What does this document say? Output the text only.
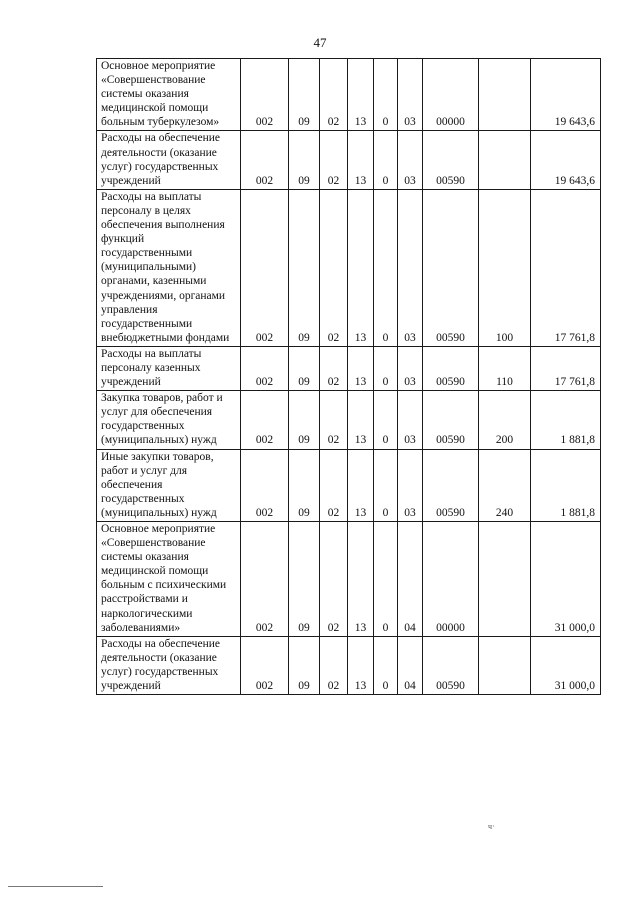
47
Основное мероприятие «Совершенствование системы оказания медицинской помощи больным туберкулезом»	002	09	02	13	0	03	00000		19 643,6
Расходы на обеспечение деятельности (оказание услуг) государственных учреждений	002	09	02	13	0	03	00590		19 643,6
Расходы на выплаты персоналу в целях обеспечения выполнения функций государственными (муниципальными) органами, казенными учреждениями, органами управления государственными внебюджетными фондами	002	09	02	13	0	03	00590	100	17 761,8
Расходы на выплаты персоналу казенных учреждений	002	09	02	13	0	03	00590	110	17 761,8
Закупка товаров, работ и услуг для обеспечения государственных (муниципальных) нужд	002	09	02	13	0	03	00590	200	1 881,8
Иные закупки товаров, работ и услуг для обеспечения государственных (муниципальных) нужд	002	09	02	13	0	03	00590	240	1 881,8
Основное мероприятие «Совершенствование системы оказания медицинской помощи больным с психическими расстройствами и наркологическими заболеваниями»	002	09	02	13	0	04	00000		31 000,0
Расходы на обеспечение деятельности (оказание услуг) государственных учреждений	002	09	02	13	0	04	00590		31 000,0
ч·
